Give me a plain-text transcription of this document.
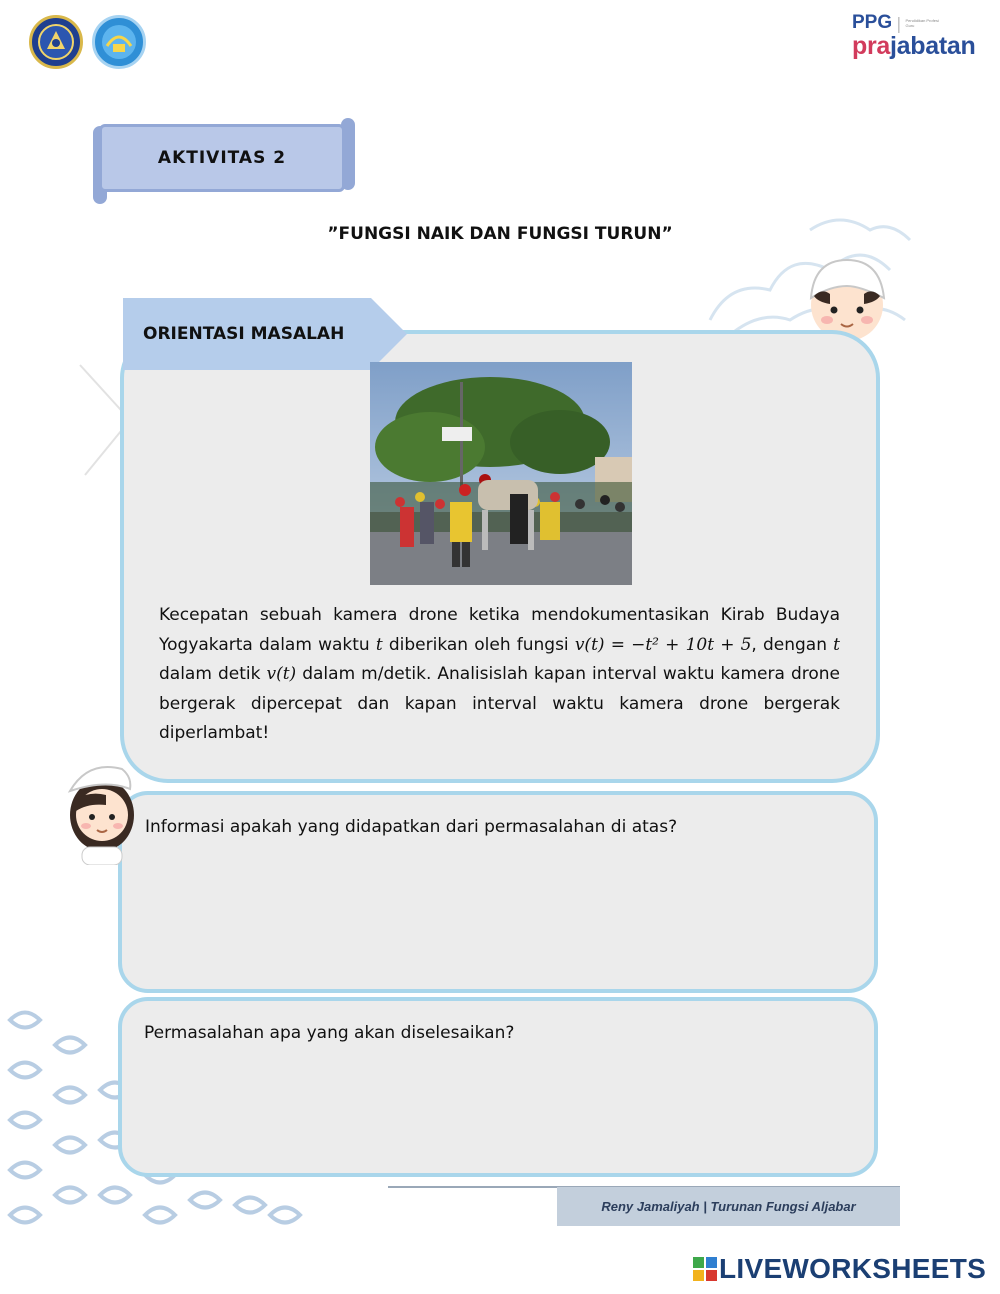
PPG | Pendidikan Profesi Guru
prajabatan
AKTIVITAS 2
”FUNGSI NAIK DAN FUNGSI TURUN”
ORIENTASI MASALAH
Kecepatan sebuah kamera drone ketika mendokumentasikan Kirab Budaya Yogyakarta dalam waktu t diberikan oleh fungsi v(t) = −t² + 10t + 5, dengan t dalam detik v(t) dalam m/detik. Analisislah kapan interval waktu kamera drone bergerak dipercepat dan kapan interval waktu kamera drone bergerak diperlambat!
Informasi apakah yang didapatkan dari permasalahan di atas?
Permasalahan apa yang akan diselesaikan?
Reny Jamaliyah | Turunan Fungsi Aljabar
LIVEWORKSHEETS
